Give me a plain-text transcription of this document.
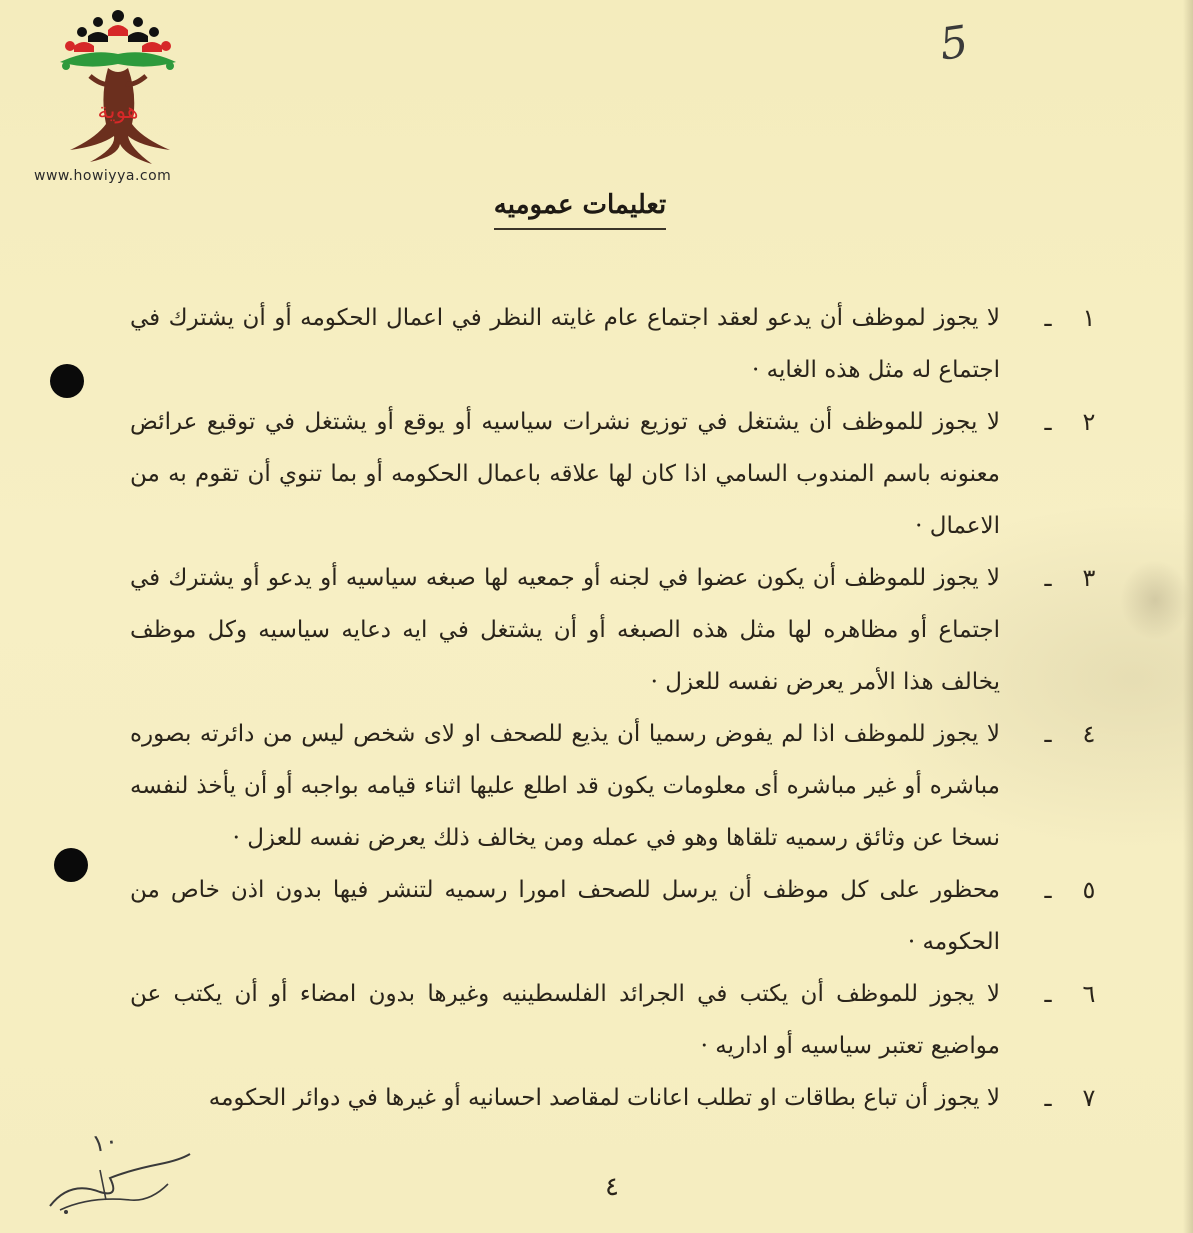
هوية
www.howiyya.com
5
تعليمات عموميه
١ـ
لا يجوز لموظف أن يدعو لعقد اجتماع عام غايته النظر في اعمال الحكومه أو أن يشترك في اجتماع له مثل هذه الغايه ·
٢ـ
لا يجوز للموظف أن يشتغل في توزيع نشرات سياسيه أو يوقع أو يشتغل في توقيع عرائض معنونه باسم المندوب السامي اذا كان لها علاقه باعمال الحكومه أو بما تنوي أن تقوم به من الاعمال ·
٣ـ
لا يجوز للموظف أن يكون عضوا في لجنه أو جمعيه لها صبغه سياسيه أو يدعو أو يشترك في اجتماع أو مظاهره لها مثل هذه الصبغه أو أن يشتغل في ايه دعايه سياسيه وكل موظف يخالف هذا الأمر يعرض نفسه للعزل ·
٤ـ
لا يجوز للموظف اذا لم يفوض رسميا أن يذيع للصحف او لاى شخص ليس من دائرته بصوره مباشره أو غير مباشره أى معلومات يكون قد اطلع عليها اثناء قيامه بواجبه أو أن يأخذ لنفسه نسخا عن وثائق رسميه تلقاها وهو في عمله ومن يخالف ذلك يعرض نفسه للعزل ·
٥ـ
محظور على كل موظف أن يرسل للصحف امورا رسميه لتنشر فيها بدون اذن خاص من الحكومه ·
٦ـ
لا يجوز للموظف أن يكتب في الجرائد الفلسطينيه وغيرها بدون امضاء أو أن يكتب عن مواضيع تعتبر سياسيه أو اداريه ·
٧ـ
لا يجوز أن تباع بطاقات او تطلب اعانات لمقاصد احسانيه أو غيرها في دوائر الحكومه
١٠
٤
